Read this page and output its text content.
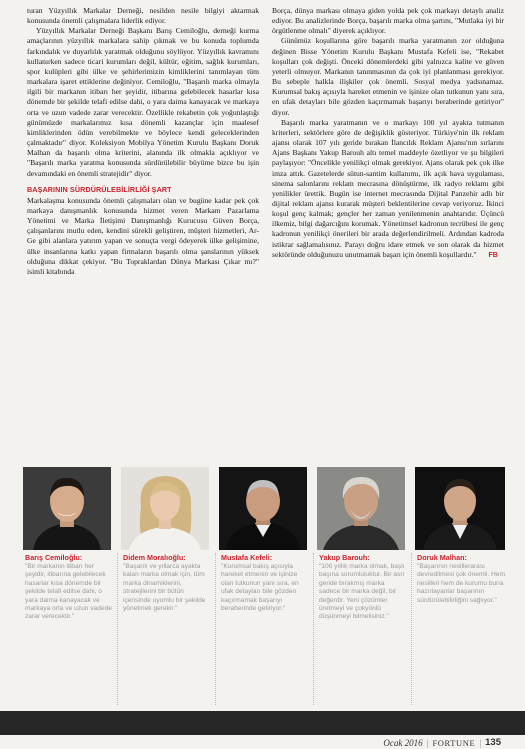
turan Yüzyıllık Markalar Derneği, nesilden nesile bilgiyi aktarmak konusunda önemli çalışmalara liderlik ediyor.

Yüzyıllık Markalar Derneği Başkanı Barış Cemiloğlu, derneği kurma amaçlarının yüzyıllık markalara sahip çıkmak ve bu konuda toplumda farkındalık ve duyarlılık yaratmak olduğunu söylüyor. Yüzyıllık kavramını kullanırken sadece ticari kurumları değil, kültür, eğitim, sağlık kurumları, spor kulüpleri gibi ülke ve şehirlerimizin kimliklerini tanımlayan tüm markalara işaret ettiklerine değiniyor. Cemiloğlu, "Başarılı marka olmayla ilgili bir markanın itibarı her şeyidir, itibarına gelebilecek hasarlar kısa dönemde bir şekilde telafi edilse dahi, o yara daima kanayacak ve markaya orta ve uzun vadede zarar verecektir. Özellikle rekabetin çok yoğunlaştığı günümüzde markalarımız kısa dönemli kazançlar için maalesef kimliklerinden ödün verebilmekte ve böylece kendi geleceklerinden çalmaktadır" diyor. Koleksiyon Mobilya Yönetim Kurulu Başkanı Doruk Malhan da başarılı olma kriterini, alanında ilk olmakla açıklıyor ve "Başarılı marka yaratma konusunda sürdürülebilir büyüme bizce bu işin devamındaki en önemli stratejidir" diyor.

BAŞARININ SÜRDÜRÜLEBİLİRLİĞİ ŞART

Markalaşma konusunda önemli çalışmaları olan ve bugüne kadar pek çok markaya danışmanlık konusunda hizmet veren Markam Pazarlama Yönetimi ve Marka İletişimi Danışmanlığı Kurucusu Güven Borça, çalışanlarını mutlu eden, kendini sürekli geliştiren, müşteri hizmetleri, Ar-Ge gibi alanlara yatırım yapan ve sonuçta vergi ödeyerek ülke gelişimine, ülke insanlarına katkı yapan firmaların başarılı olma şanslarının yüksek olduğuna dikkat çekiyor. "Bu Topraklardan Dünya Markası Çıkar mı?" isimli kitabında

Borça, dünya markası olmaya giden yolda pek çok markayı detaylı analiz ediyor. Bu analizlerinde Borça, başarılı marka olma şartını, "Mutlaka iyi bir örgütlenme olmalı" diyerek açıklıyor.

Günümüz koşullarına göre başarılı marka yaratmanın zor olduğuna değinen Bisse Yönetim Kurulu Başkanı Mustafa Kefeli ise, "Rekabet koşulları çok değişti. Önceki dönemlerdeki gibi yalnızca kalite ve güven yeterli olmuyor. Markanın tanınmasının da çok iyi planlanması gerekiyor. Bu sebeple halkla ilişkiler çok önemli. Sosyal medya yadsınamaz. Kurumsal bakış açısıyla hareket etmenin ve işinize olan tutkunun yanı sıra, en ufak detayları bile gözden kaçırmamak başarıyı beraberinde getiriyor" diyor.

Başarılı marka yaratmanın ve o markayı 100 yıl ayakta tutmanın kriterleri, sektörlere göre de değişiklik gösteriyor. Türkiye'nin ilk reklam ajansı olarak 107 yılı geride bırakan İlancılık Reklam Ajansı'nın sırlarını Ajans Başkanı Yakup Barouh altı temel maddeyle özetliyor ve şu bilgileri paylaşıyor: "Öncelikle yenilikçi olmak gerekiyor. Ajans olarak pek çok ilke imza attık. Gazetelerde sütun-santim kullanımı, ilk açık hava uygulaması, sinema salonlarını reklam mecrasına dönüştürme, ilk radyo reklamı gibi yenilikler ürettik. Bugün ise internet mecrasında Dijital Panzehir adlı bir dijital reklam ajansı kurarak müşteri beklentilerine cevap veriyoruz. İkinci koşul genç kalmak; gençler her zaman yenilenmenin anahtarıdır. Üçüncü ilkemiz, bilgi dağarcığını korumak. Yönetimsel kadronun tecrübesi ile genç kadronun yenilikçi önerileri bir arada değerlendirilmeli. Ardından kadroda istikrar sağlamalısınız. Parayı doğru idare etmek ve son olarak da hizmet sektöründe olduğunuzu unutmamak başarı için önemli koşullardır." FB

Barış Cemiloğlu:
"Bir markanın itibarı her şeyidir, itibarına gelebilecek hasarlar kısa dönemde bir şekilde telafi edilse dahi, o yara daima kanayacak ve markaya orta ve uzun vadede zarar verecektir."
Didem Moralıoğlu:
"Başarılı ve yıllarca ayakta kalan marka olmak için, tüm marka dinamiklerini, stratejilerini bir bütün içerisinde uyumlu bir şekilde yönetmek gerekir."
Mustafa Kefeli:
"Kurumsal bakış açısıyla hareket etmenin ve işinize olan tutkunun yanı sıra, en ufak detayları bile gözden kaçırmamak başarıyı beraberinde getiriyor."
Yakup Barouh:
"100 yıllık marka olmak, başlı başına sorumluluktur. Bir asrı geride bırakmış marka sadece bir marka değil, bir değerdir. Yeni çözümler üretmeyi ve çokyönlü düşünmeyi bilmelisiniz."
Doruk Malhan:
"Başarının nesillerarası devredilmesi çok önemli. Hem nesilleri hem de kurumu buna hazırlayanlar başarının sürdürülebilirliğini sağlıyor."
Ocak 2016 | FORTUNE | 135
